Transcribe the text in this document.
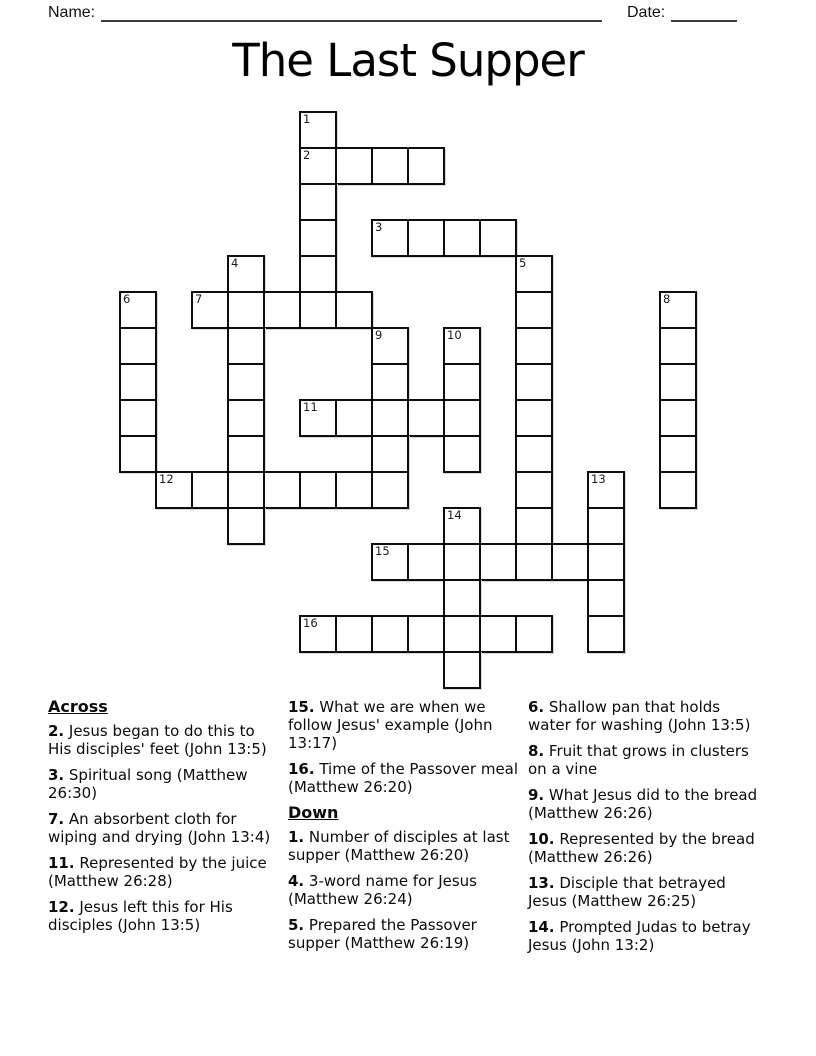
Name:	Date:
The Last Supper
1
2
3
4	5
6	7	8
9	10
11
12	13
14
15
16
Across
2. Jesus began to do this to His disciples' feet (John 13:5)
3. Spiritual song (Matthew 26:30)
7. An absorbent cloth for wiping and drying (John 13:4)
11. Represented by the juice (Matthew 26:28)
12. Jesus left this for His disciples (John 13:5)
15. What we are when we follow Jesus' example (John 13:17)
16. Time of the Passover meal (Matthew 26:20)
Down
1. Number of disciples at last supper (Matthew 26:20)
4. 3-word name for Jesus (Matthew 26:24)
5. Prepared the Passover supper (Matthew 26:19)
6. Shallow pan that holds water for washing (John 13:5)
8. Fruit that grows in clusters on a vine
9. What Jesus did to the bread (Matthew 26:26)
10. Represented by the bread (Matthew 26:26)
13. Disciple that betrayed Jesus (Matthew 26:25)
14. Prompted Judas to betray Jesus (John 13:2)
